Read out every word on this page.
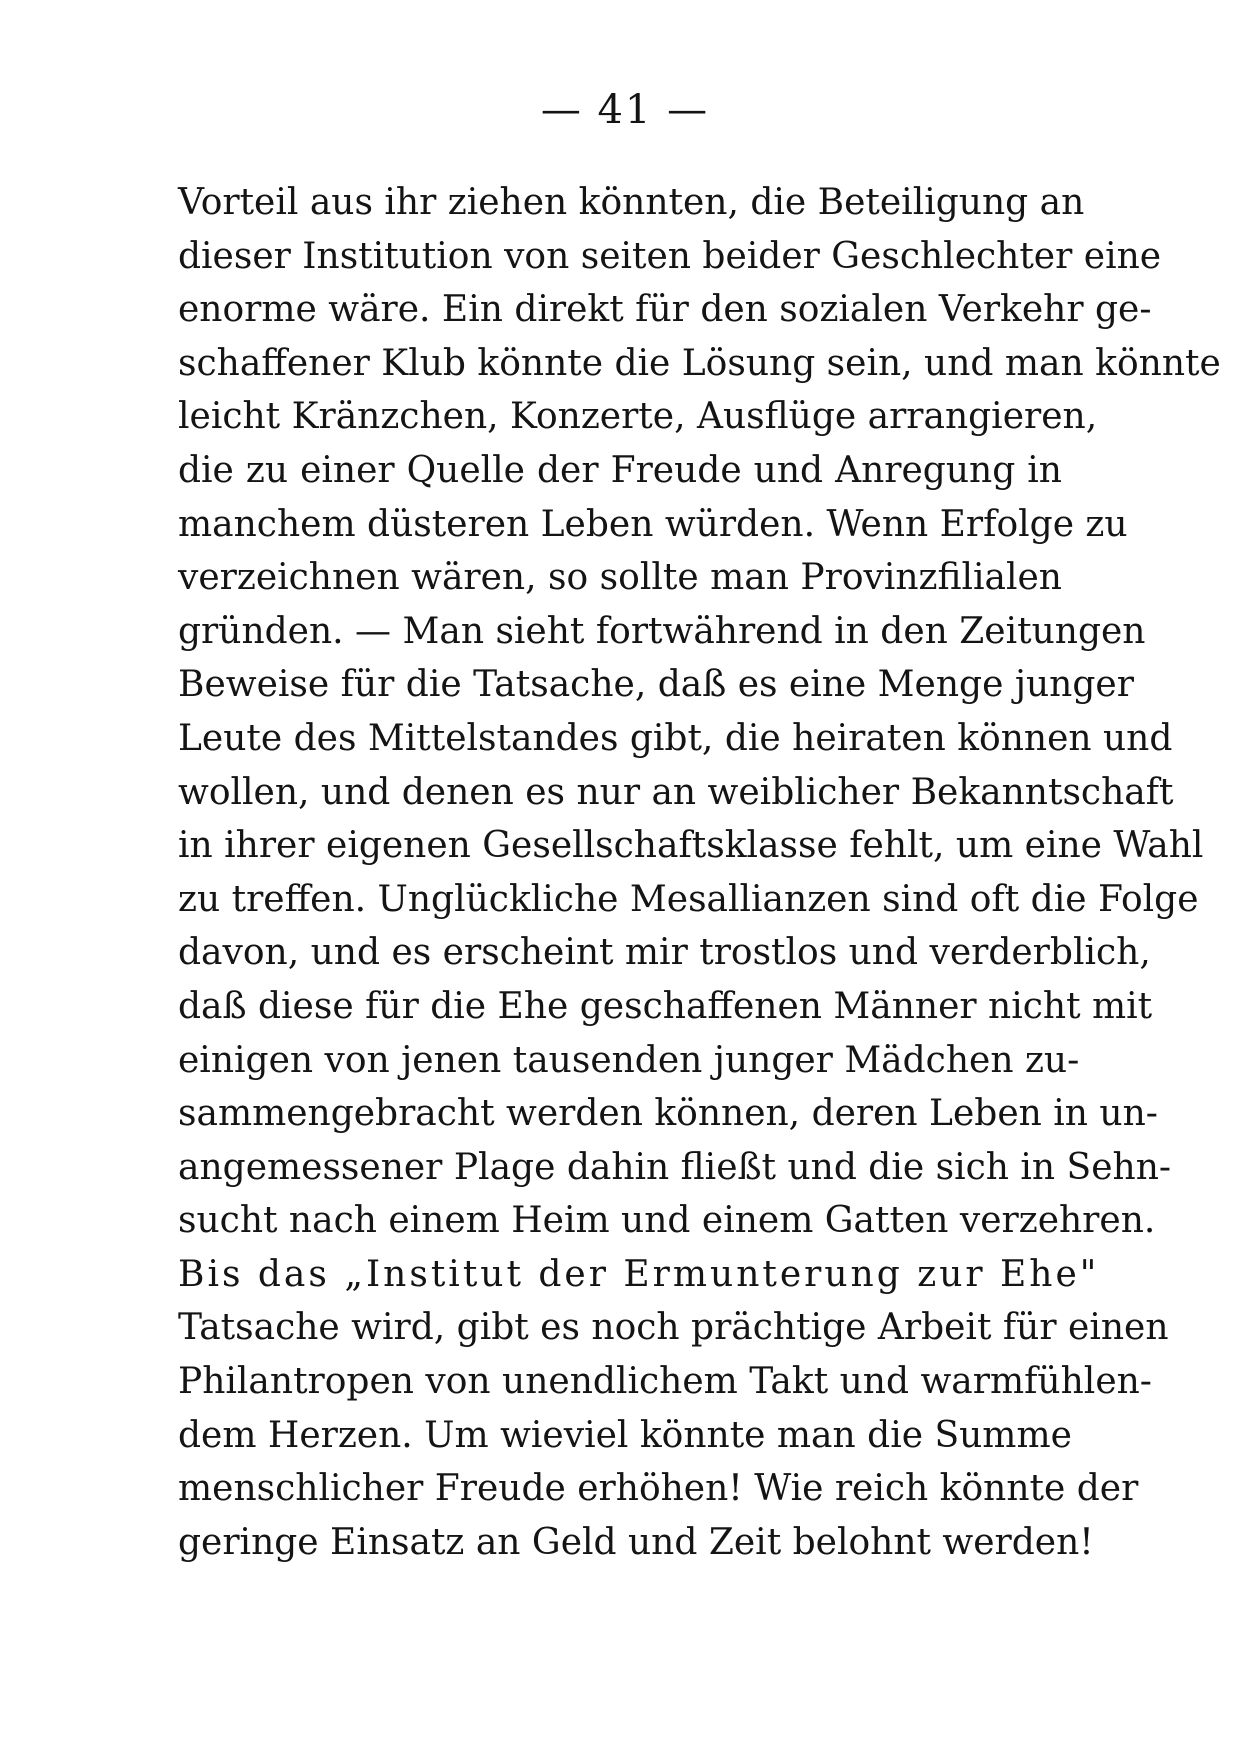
— 41 —
Vorteil aus ihr ziehen könnten, die Beteiligung an
dieser Institution von seiten beider Geschlechter eine
enorme wäre. Ein direkt für den sozialen Verkehr ge-
schaffener Klub könnte die Lösung sein, und man könnte
leicht Kränzchen, Konzerte, Ausflüge arrangieren,
die zu einer Quelle der Freude und Anregung in
manchem düsteren Leben würden. Wenn Erfolge zu
verzeichnen wären, so sollte man Provinzfilialen
gründen. — Man sieht fortwährend in den Zeitungen
Beweise für die Tatsache, daß es eine Menge junger
Leute des Mittelstandes gibt, die heiraten können und
wollen, und denen es nur an weiblicher Bekanntschaft
in ihrer eigenen Gesellschaftsklasse fehlt, um eine Wahl
zu treffen. Unglückliche Mesallianzen sind oft die Folge
davon, und es erscheint mir trostlos und verderblich,
daß diese für die Ehe geschaffenen Männer nicht mit
einigen von jenen tausenden junger Mädchen zu-
sammengebracht werden können, deren Leben in un-
angemessener Plage dahin fließt und die sich in Sehn-
sucht nach einem Heim und einem Gatten verzehren.
Bis das „Institut der Ermunterung zur Ehe"
Tatsache wird, gibt es noch prächtige Arbeit für einen
Philantropen von unendlichem Takt und warmfühlen-
dem Herzen. Um wieviel könnte man die Summe
menschlicher Freude erhöhen! Wie reich könnte der
geringe Einsatz an Geld und Zeit belohnt werden!
